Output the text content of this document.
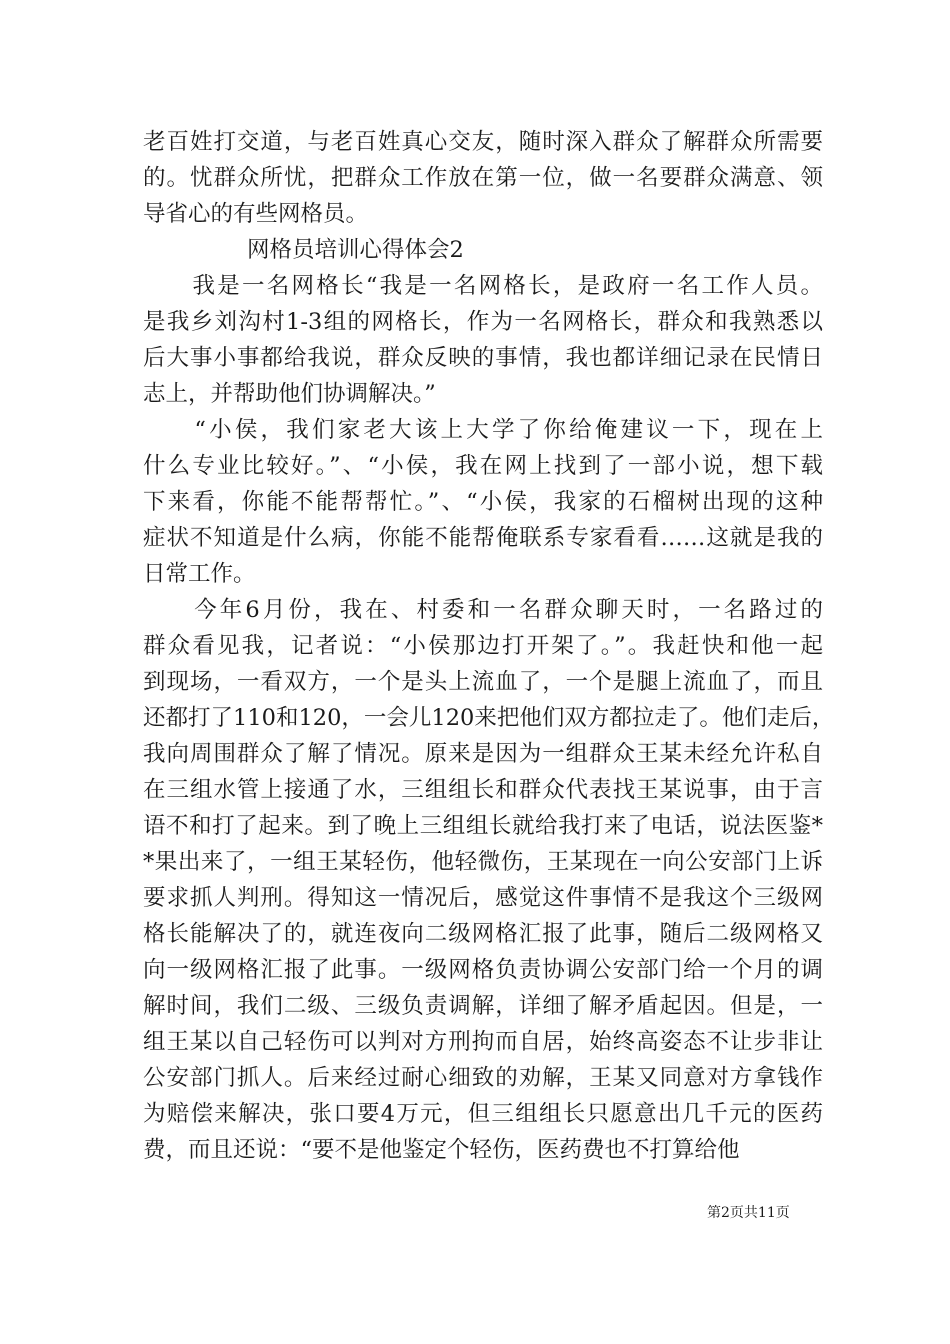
老百姓打交道，与老百姓真心交友，随时深入群众了解群众所需要
的。忧群众所忧，把群众工作放在第一位，做一名要群众满意、领
导省心的有些网格员。
网格员培训心得体会2
　　我是一名网格长“我是一名网格长，是政府一名工作人员。
是我乡刘沟村1-3组的网格长，作为一名网格长，群众和我熟悉以
后大事小事都给我说，群众反映的事情，我也都详细记录在民情日
志上，并帮助他们协调解决。”
　　“小侯，我们家老大该上大学了你给俺建议一下，现在上
什么专业比较好。”、“小侯，我在网上找到了一部小说，想下载
下来看，你能不能帮帮忙。”、“小侯，我家的石榴树出现的这种
症状不知道是什么病，你能不能帮俺联系专家看看……这就是我的
日常工作。
　　今年6月份，我在、村委和一名群众聊天时，一名路过的
群众看见我，记者说：“小侯那边打开架了。”。我赶快和他一起
到现场，一看双方，一个是头上流血了，一个是腿上流血了，而且
还都打了110和120，一会儿120来把他们双方都拉走了。他们走后，
我向周围群众了解了情况。原来是因为一组群众王某未经允许私自
在三组水管上接通了水，三组组长和群众代表找王某说事，由于言
语不和打了起来。到了晚上三组组长就给我打来了电话，说法医鉴*
*果出来了，一组王某轻伤，他轻微伤，王某现在一向公安部门上诉
要求抓人判刑。得知这一情况后，感觉这件事情不是我这个三级网
格长能解决了的，就连夜向二级网格汇报了此事，随后二级网格又
向一级网格汇报了此事。一级网格负责协调公安部门给一个月的调
解时间，我们二级、三级负责调解，详细了解矛盾起因。但是，一
组王某以自己轻伤可以判对方刑拘而自居，始终高姿态不让步非让
公安部门抓人。后来经过耐心细致的劝解，王某又同意对方拿钱作
为赔偿来解决，张口要4万元，但三组组长只愿意出几千元的医药
费，而且还说：“要不是他鉴定个轻伤，医药费也不打算给他
第2页共11页
